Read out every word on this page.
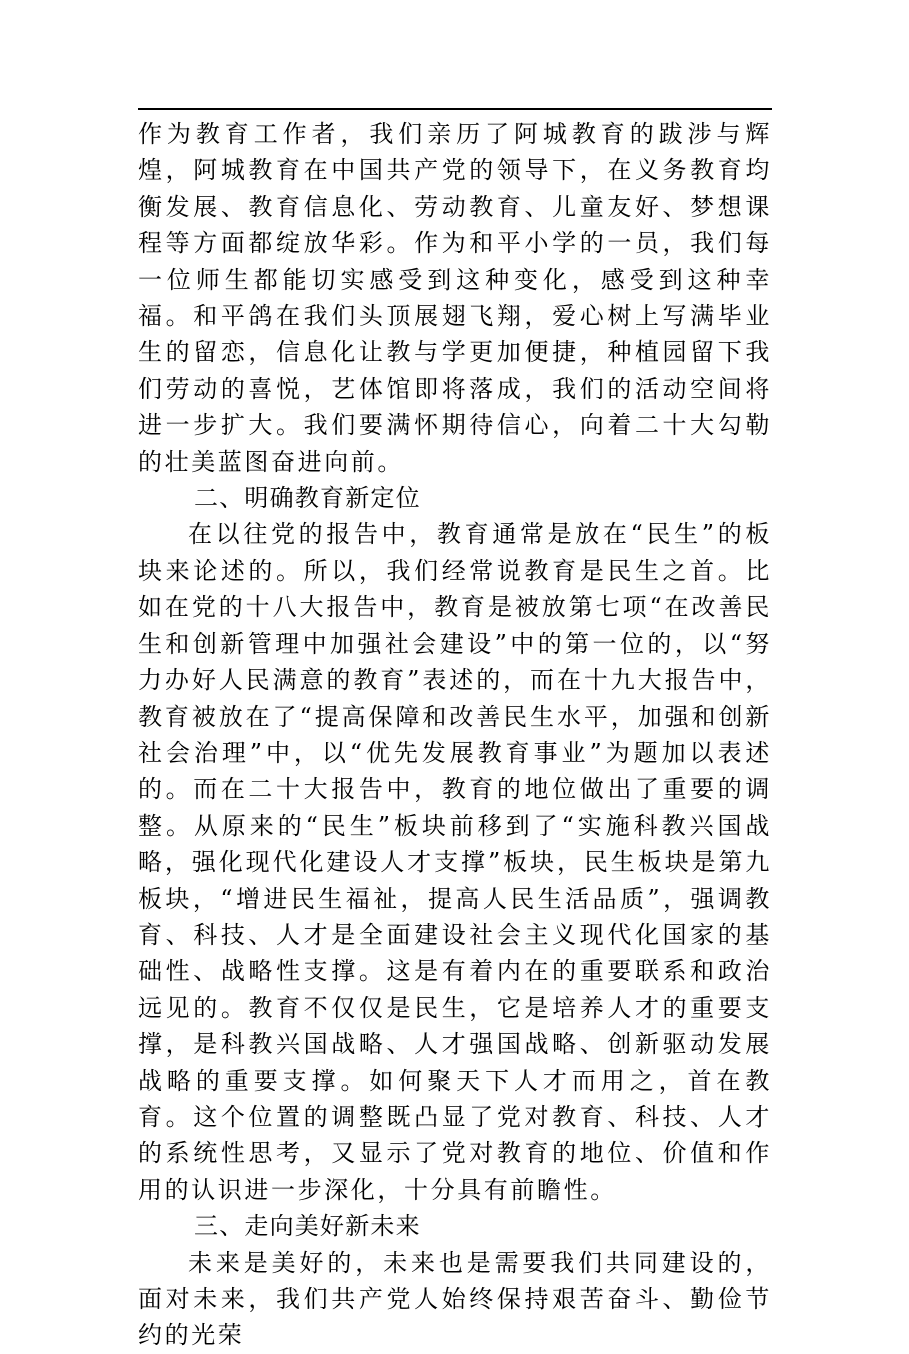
作为教育工作者，我们亲历了阿城教育的跋涉与辉煌，阿城教育在中国共产党的领导下，在义务教育均衡发展、教育信息化、劳动教育、儿童友好、梦想课程等方面都绽放华彩。作为和平小学的一员，我们每一位师生都能切实感受到这种变化，感受到这种幸福。和平鸽在我们头顶展翅飞翔，爱心树上写满毕业生的留恋，信息化让教与学更加便捷，种植园留下我们劳动的喜悦，艺体馆即将落成，我们的活动空间将进一步扩大。我们要满怀期待信心，向着二十大勾勒的壮美蓝图奋进向前。

二、明确教育新定位

在以往党的报告中，教育通常是放在“民生”的板块来论述的。所以，我们经常说教育是民生之首。比如在党的十八大报告中，教育是被放第七项“在改善民生和创新管理中加强社会建设”中的第一位的，以“努力办好人民满意的教育”表述的，而在十九大报告中，教育被放在了“提高保障和改善民生水平，加强和创新社会治理”中，以“优先发展教育事业”为题加以表述的。而在二十大报告中，教育的地位做出了重要的调整。从原来的“民生”板块前移到了“实施科教兴国战略，强化现代化建设人才支撑”板块，民生板块是第九板块，“增进民生福祉，提高人民生活品质”，强调教育、科技、人才是全面建设社会主义现代化国家的基础性、战略性支撑。这是有着内在的重要联系和政治远见的。教育不仅仅是民生，它是培养人才的重要支撑，是科教兴国战略、人才强国战略、创新驱动发展战略的重要支撑。如何聚天下人才而用之，首在教育。这个位置的调整既凸显了党对教育、科技、人才的系统性思考，又显示了党对教育的地位、价值和作用的认识进一步深化，十分具有前瞻性。

三、走向美好新未来

未来是美好的，未来也是需要我们共同建设的，面对未来，我们共产党人始终保持艰苦奋斗、勤俭节约的光荣
